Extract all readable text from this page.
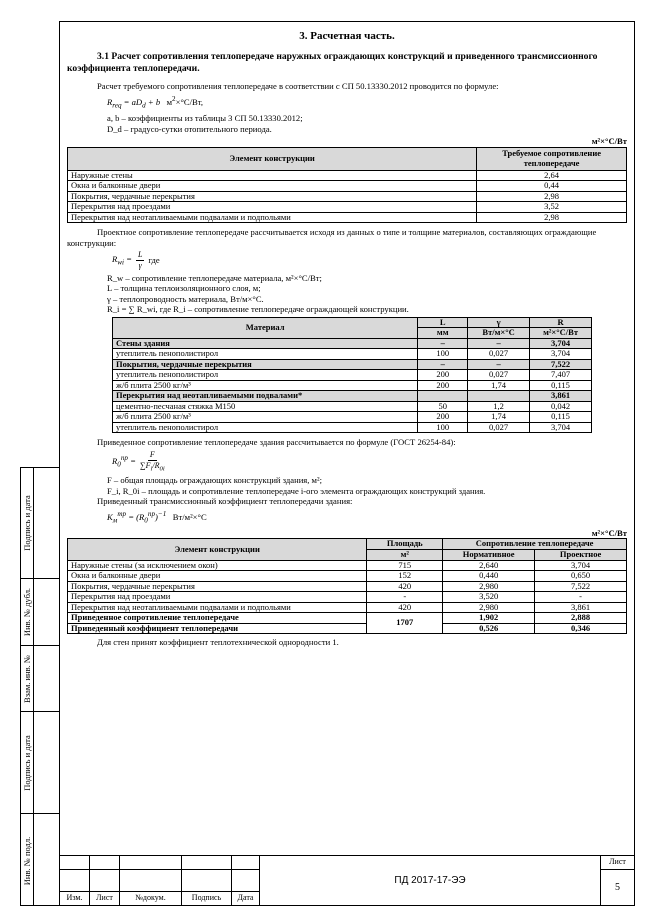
3. Расчетная часть.
3.1 Расчет сопротивления теплопередаче наружных ограждающих конструкций и приведенного трансмиссионного коэффициента теплопередачи.

Расчет требуемого сопротивления теплопередаче в соответствии с СП 50.13330.2012 проводится по формуле:

$R_{req} = aD_d + b$   $м^2\times^\circ С/Вт$,

a, b – коэффициенты из таблицы 3 СП 50.13330.2012;

D_d – градусо-сутки отопительного периода.

м²×°С/Вт
Элемент конструкции	Требуемое сопротивление теплопередаче
Наружные стены	2,64
Окна и балконные двери	0,44
Покрытия, чердачные перекрытия	2,98
Перекрытия над проездами	3,52
Перекрытия над неотапливаемыми подвалами и подпольями	2,98

Проектное сопротивление теплопередаче рассчитывается исходя из данных о типе и толщине материалов, составляющих ограждающие конструкции:

$R_{wi} = \frac{L}{\gamma}$ где

R_w – сопротивление теплопередаче материала, м²×°С/Вт;

L – толщина теплоизоляционного слоя, м;

γ – теплопроводность материала, Вт/м×°С.

R_i = ∑ R_wi, где R_i – сопротивление теплопередаче ограждающей конструкции.

Материал	L	γ	R
	мм	Вт/м×°С	м²×°С/Вт
Стены здания	–	–	3,704
утеплитель пенополистирол	100	0,027	3,704
Покрытия, чердачные перекрытия	–	–	7,522
утеплитель пенополистирол	200	0,027	7,407
ж/б плита 2500 кг/м³	200	1,74	0,115
Перекрытия над неотапливаемыми подвалами*			3,861
цементно-песчаная стяжка М150	50	1,2	0,042
ж/б плита 2500 кг/м³	200	1,74	0,115
утеплитель пенополистирол	100	0,027	3,704

Приведенное сопротивление теплопередаче здания рассчитывается по формуле (ГОСТ 26254-84):

$R_0^{пр} = \frac{F}{\sum F_i/R_{0i}}$

F – общая площадь ограждающих конструкций здания, м²;

F_i, R_0i – площадь и сопротивление теплопередаче i-ого элемента ограждающих конструкций здания.

Приведенный трансмиссионный коэффициент теплопередачи здания:

$K_м^{тр} = (R_0^{пр})^{-1}$ Вт/м²×°С

м²×°С/Вт
Элемент конструкции	Площадь	Сопротивление теплопередаче	
	м²	Нормативное	Проектное
Наружные стены (за исключением окон)	715	2,640	3,704
Окна и балконные двери	152	0,440	0,650
Покрытия, чердачные перекрытия	420	2,980	7,522
Перекрытия над проездами	-	3,520	-
Перекрытия над неотапливаемыми подвалами и подпольями	420	2,980	3,861
Приведенное сопротивление теплопередаче	1707	1,902	2,888
Приведенный коэффициент теплопередачи		0,526	0,346

Для стен принят коэффициент теплотехнической однородности 1.

Подпись и дата
Инв. № дубл.
Взам. инв. №
Подпись и дата
Инв. № подл.
						ПД 2017-17-ЭЭ	Лист
						5
Изм.	Лист	№докум.	Подпись	Дата		
